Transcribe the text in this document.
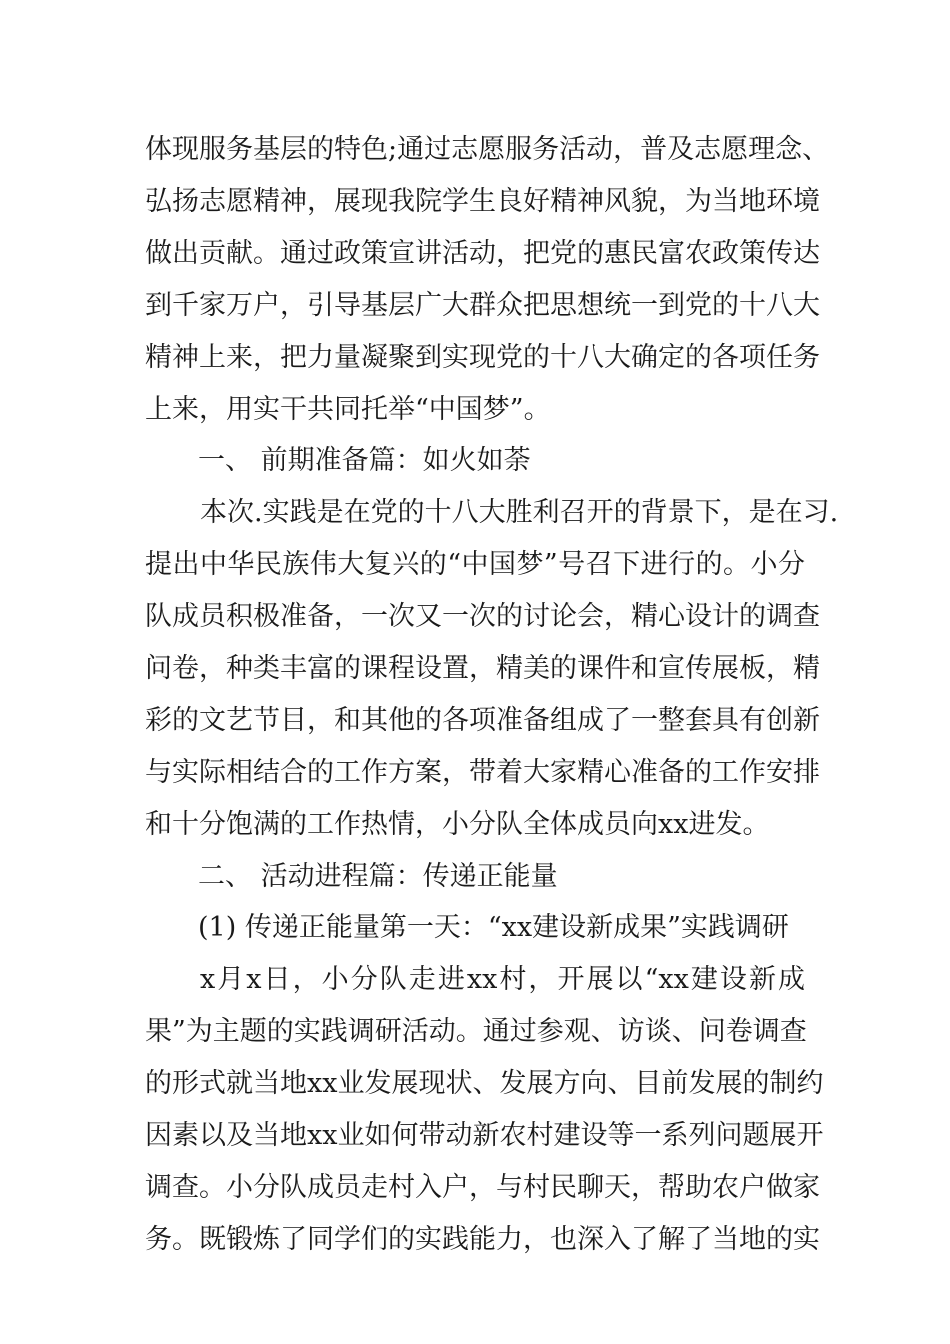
体现服务基层的特色;通过志愿服务活动，普及志愿理念、
弘扬志愿精神，展现我院学生良好精神风貌，为当地环境
做出贡献。通过政策宣讲活动，把党的惠民富农政策传达
到千家万户，引导基层广大群众把思想统一到党的十八大
精神上来，把力量凝聚到实现党的十八大确定的各项任务
上来，用实干共同托举“中国梦”。
一、 前期准备篇：如火如荼
本次.实践是在党的十八大胜利召开的背景下，是在习.
提出中华民族伟大复兴的“中国梦”号召下进行的。小分
队成员积极准备，一次又一次的讨论会，精心设计的调查
问卷，种类丰富的课程设置，精美的课件和宣传展板，精
彩的文艺节目，和其他的各项准备组成了一整套具有创新
与实际相结合的工作方案，带着大家精心准备的工作安排
和十分饱满的工作热情，小分队全体成员向xx进发。
二、 活动进程篇：传递正能量
(1) 传递正能量第一天：“xx建设新成果”实践调研
x月x日，小分队走进xx村，开展以“xx建设新成
果”为主题的实践调研活动。通过参观、访谈、问卷调查
的形式就当地xx业发展现状、发展方向、目前发展的制约
因素以及当地xx业如何带动新农村建设等一系列问题展开
调查。小分队成员走村入户，与村民聊天，帮助农户做家
务。既锻炼了同学们的实践能力，也深入了解了当地的实
